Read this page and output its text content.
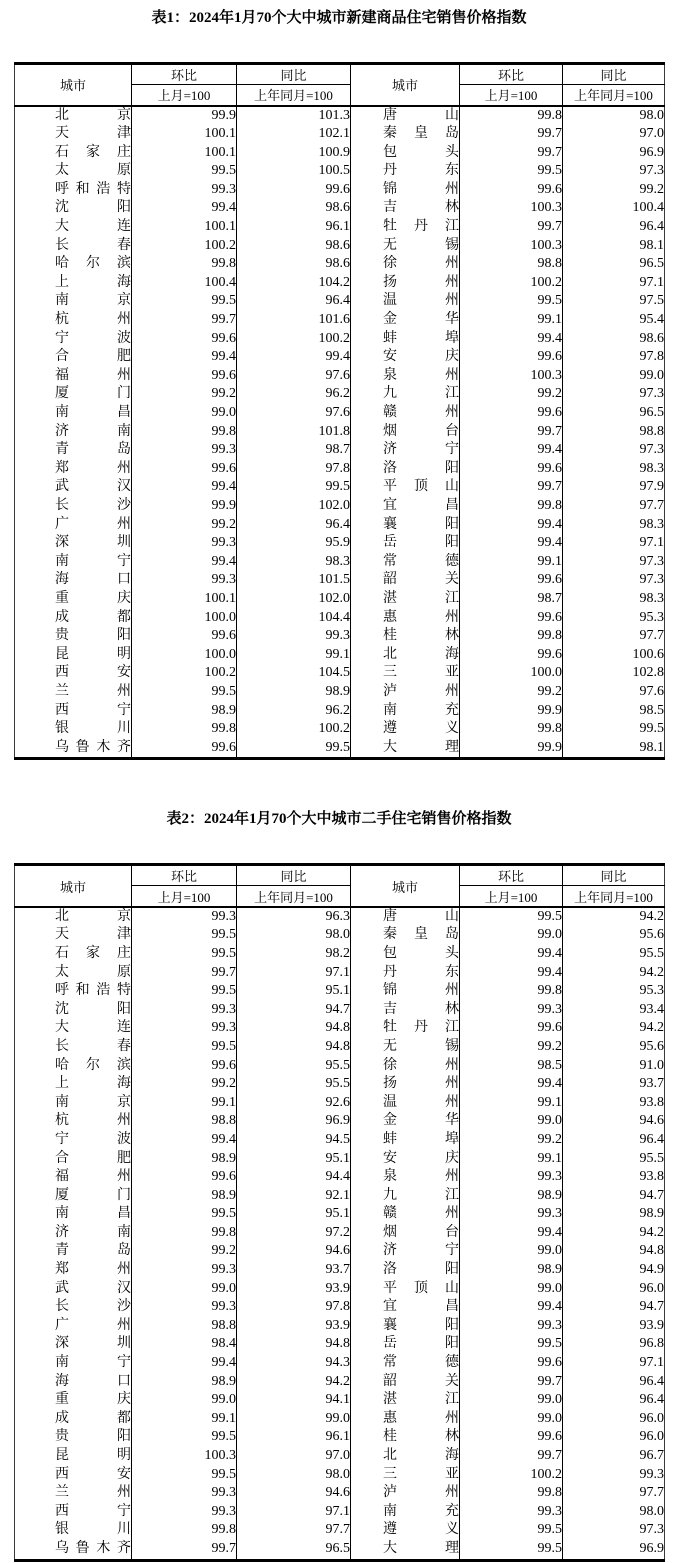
表1：2024年1月70个大中城市新建商品住宅销售价格指数
城市	环比	同比	城市	环比	同比
	上月=100	上年同月=100		上月=100	上年同月=100
北京	99.9	101.3	唐山	99.8	98.0
天津	100.1	102.1	秦皇岛	99.7	97.0
石家庄	100.1	100.9	包头	99.7	96.9
太原	99.5	100.5	丹东	99.5	97.3
呼和浩特	99.3	99.6	锦州	99.6	99.2
沈阳	99.4	98.6	吉林	100.3	100.4
大连	100.1	96.1	牡丹江	99.7	96.4
长春	100.2	98.6	无锡	100.3	98.1
哈尔滨	99.8	98.6	徐州	98.8	96.5
上海	100.4	104.2	扬州	100.2	97.1
南京	99.5	96.4	温州	99.5	97.5
杭州	99.7	101.6	金华	99.1	95.4
宁波	99.6	100.2	蚌埠	99.4	98.6
合肥	99.4	99.4	安庆	99.6	97.8
福州	99.6	97.6	泉州	100.3	99.0
厦门	99.2	96.2	九江	99.2	97.3
南昌	99.0	97.6	赣州	99.6	96.5
济南	99.8	101.8	烟台	99.7	98.8
青岛	99.3	98.7	济宁	99.4	97.3
郑州	99.6	97.8	洛阳	99.6	98.3
武汉	99.4	99.5	平顶山	99.7	97.9
长沙	99.9	102.0	宜昌	99.8	97.7
广州	99.2	96.4	襄阳	99.4	98.3
深圳	99.3	95.9	岳阳	99.4	97.1
南宁	99.4	98.3	常德	99.1	97.3
海口	99.3	101.5	韶关	99.6	97.3
重庆	100.1	102.0	湛江	98.7	98.3
成都	100.0	104.4	惠州	99.6	95.3
贵阳	99.6	99.3	桂林	99.8	97.7
昆明	100.0	99.1	北海	99.6	100.6
西安	100.2	104.5	三亚	100.0	102.8
兰州	99.5	98.9	泸州	99.2	97.6
西宁	98.9	96.2	南充	99.9	98.5
银川	99.8	100.2	遵义	99.8	99.5
乌鲁木齐	99.6	99.5	大理	99.9	98.1
表2：2024年1月70个大中城市二手住宅销售价格指数
城市	环比	同比	城市	环比	同比
	上月=100	上年同月=100		上月=100	上年同月=100
北京	99.3	96.3	唐山	99.5	94.2
天津	99.5	98.0	秦皇岛	99.0	95.6
石家庄	99.5	98.2	包头	99.4	95.5
太原	99.7	97.1	丹东	99.4	94.2
呼和浩特	99.5	95.1	锦州	99.8	95.3
沈阳	99.3	94.7	吉林	99.3	93.4
大连	99.3	94.8	牡丹江	99.6	94.2
长春	99.5	94.8	无锡	99.2	95.6
哈尔滨	99.6	95.5	徐州	98.5	91.0
上海	99.2	95.5	扬州	99.4	93.7
南京	99.1	92.6	温州	99.1	93.8
杭州	98.8	96.9	金华	99.0	94.6
宁波	99.4	94.5	蚌埠	99.2	96.4
合肥	98.9	95.1	安庆	99.1	95.5
福州	99.6	94.4	泉州	99.3	93.8
厦门	98.9	92.1	九江	98.9	94.7
南昌	99.5	95.1	赣州	99.3	98.9
济南	99.8	97.2	烟台	99.4	94.2
青岛	99.2	94.6	济宁	99.0	94.8
郑州	99.3	93.7	洛阳	98.9	94.9
武汉	99.0	93.9	平顶山	99.0	96.0
长沙	99.3	97.8	宜昌	99.4	94.7
广州	98.8	93.9	襄阳	99.3	93.9
深圳	98.4	94.8	岳阳	99.5	96.8
南宁	99.4	94.3	常德	99.6	97.1
海口	98.9	94.2	韶关	99.7	96.4
重庆	99.0	94.1	湛江	99.0	96.4
成都	99.1	99.0	惠州	99.0	96.0
贵阳	99.5	96.1	桂林	99.6	96.0
昆明	100.3	97.0	北海	99.7	96.7
西安	99.5	98.0	三亚	100.2	99.3
兰州	99.3	94.6	泸州	99.8	97.7
西宁	99.3	97.1	南充	99.3	98.0
银川	99.8	97.7	遵义	99.5	97.3
乌鲁木齐	99.7	96.5	大理	99.5	96.9
